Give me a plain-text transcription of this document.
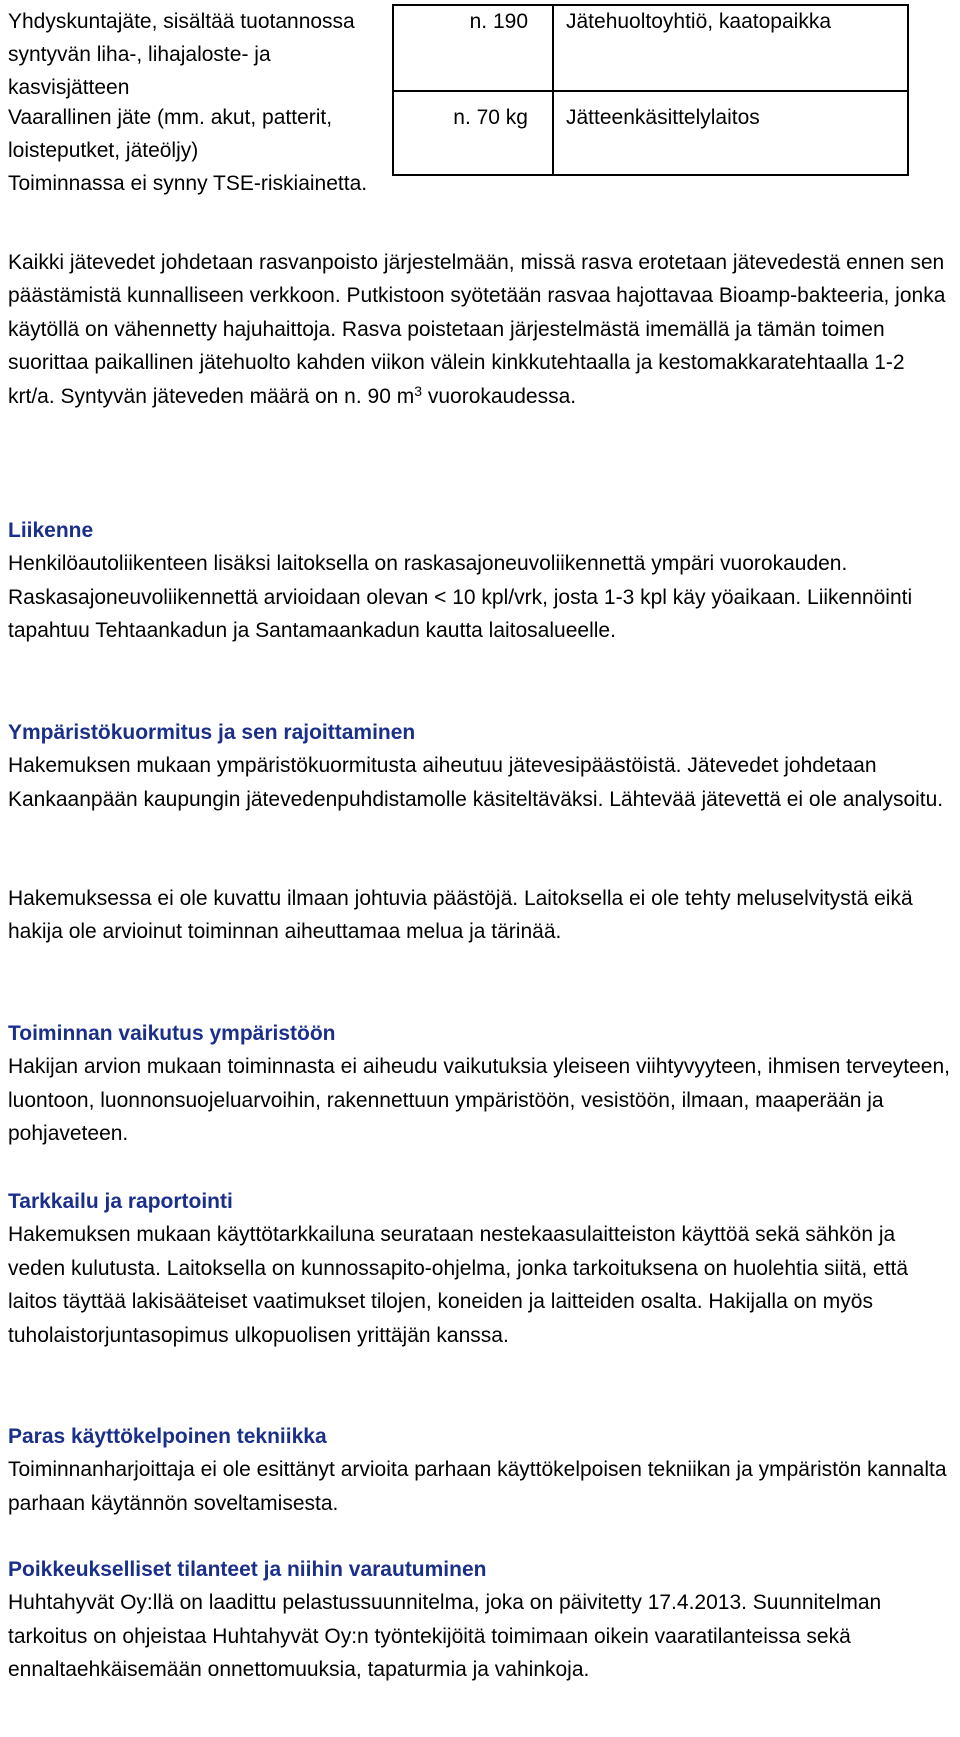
Yhdyskuntajäte, sisältää tuotannossa syntyvän liha-, lihajaloste- ja kasvisjätteen
n. 190 Jätehuoltoyhtiö, kaatopaikka
Vaarallinen jäte (mm. akut, patterit, loisteputket, jäteöljy)
n. 70 kg Jätteenkäsittelylaitos
Toiminnassa ei synny TSE-riskiainetta.

Kaikki jätevedet johdetaan rasvanpoisto järjestelmään, missä rasva erotetaan jätevedestä ennen sen päästämistä kunnalliseen verkkoon. Putkistoon syötetään rasvaa hajottavaa Bioamp-bakteeria, jonka käytöllä on vähennetty hajuhaittoja. Rasva poistetaan järjestelmästä imemällä ja tämän toimen suorittaa paikallinen jätehuolto kahden viikon välein kinkkutehtaalla ja kestomakkaratehtaalla 1-2 krt/a. Syntyvän jäteveden määrä on n. 90 $m^3$ vuorokaudessa.

Liikenne

Henkilöautoliikenteen lisäksi laitoksella on raskasajoneuvoliikennettä ympäri vuorokauden. Raskasajoneuvoliikennettä arvioidaan olevan < 10 kpl/vrk, josta 1-3 kpl käy yöaikaan. Liikennöinti tapahtuu Tehtaankadun ja Santamaankadun kautta laitosalueelle.

Ympäristökuormitus ja sen rajoittaminen

Hakemuksen mukaan ympäristökuormitusta aiheutuu jätevesipäästöistä. Jätevedet johdetaan Kankaanpään kaupungin jätevedenpuhdistamolle käsiteltäväksi. Lähtevää jätevettä ei ole analysoitu.

Hakemuksessa ei ole kuvattu ilmaan johtuvia päästöjä. Laitoksella ei ole tehty meluselvitystä eikä hakija ole arvioinut toiminnan aiheuttamaa melua ja tärinää.

Toiminnan vaikutus ympäristöön

Hakijan arvion mukaan toiminnasta ei aiheudu vaikutuksia yleiseen viihtyvyyteen, ihmisen terveyteen, luontoon, luonnonsuojeluarvoihin, rakennettuun ympäristöön, vesistöön, ilmaan, maaperään ja pohjaveteen.

Tarkkailu ja raportointi

Hakemuksen mukaan käyttötarkkailuna seurataan nestekaasulaitteiston käyttöä sekä sähkön ja veden kulutusta. Laitoksella on kunnossapito-ohjelma, jonka tarkoituksena on huolehtia siitä, että laitos täyttää lakisääteiset vaatimukset tilojen, koneiden ja laitteiden osalta. Hakijalla on myös tuholaistorjuntasopimus ulkopuolisen yrittäjän kanssa.

Paras käyttökelpoinen tekniikka

Toiminnanharjoittaja ei ole esittänyt arvioita parhaan käyttökelpoisen tekniikan ja ympäristön kannalta parhaan käytännön soveltamisesta.

Poikkeukselliset tilanteet ja niihin varautuminen

Huhtahyvät Oy:llä on laadittu pelastussuunnitelma, joka on päivitetty 17.4.2013. Suunnitelman tarkoitus on ohjeistaa Huhtahyvät Oy:n työntekijöitä toimimaan oikein vaaratilanteissa sekä ennaltaehkäisemään onnettomuuksia, tapaturmia ja vahinkoja.
